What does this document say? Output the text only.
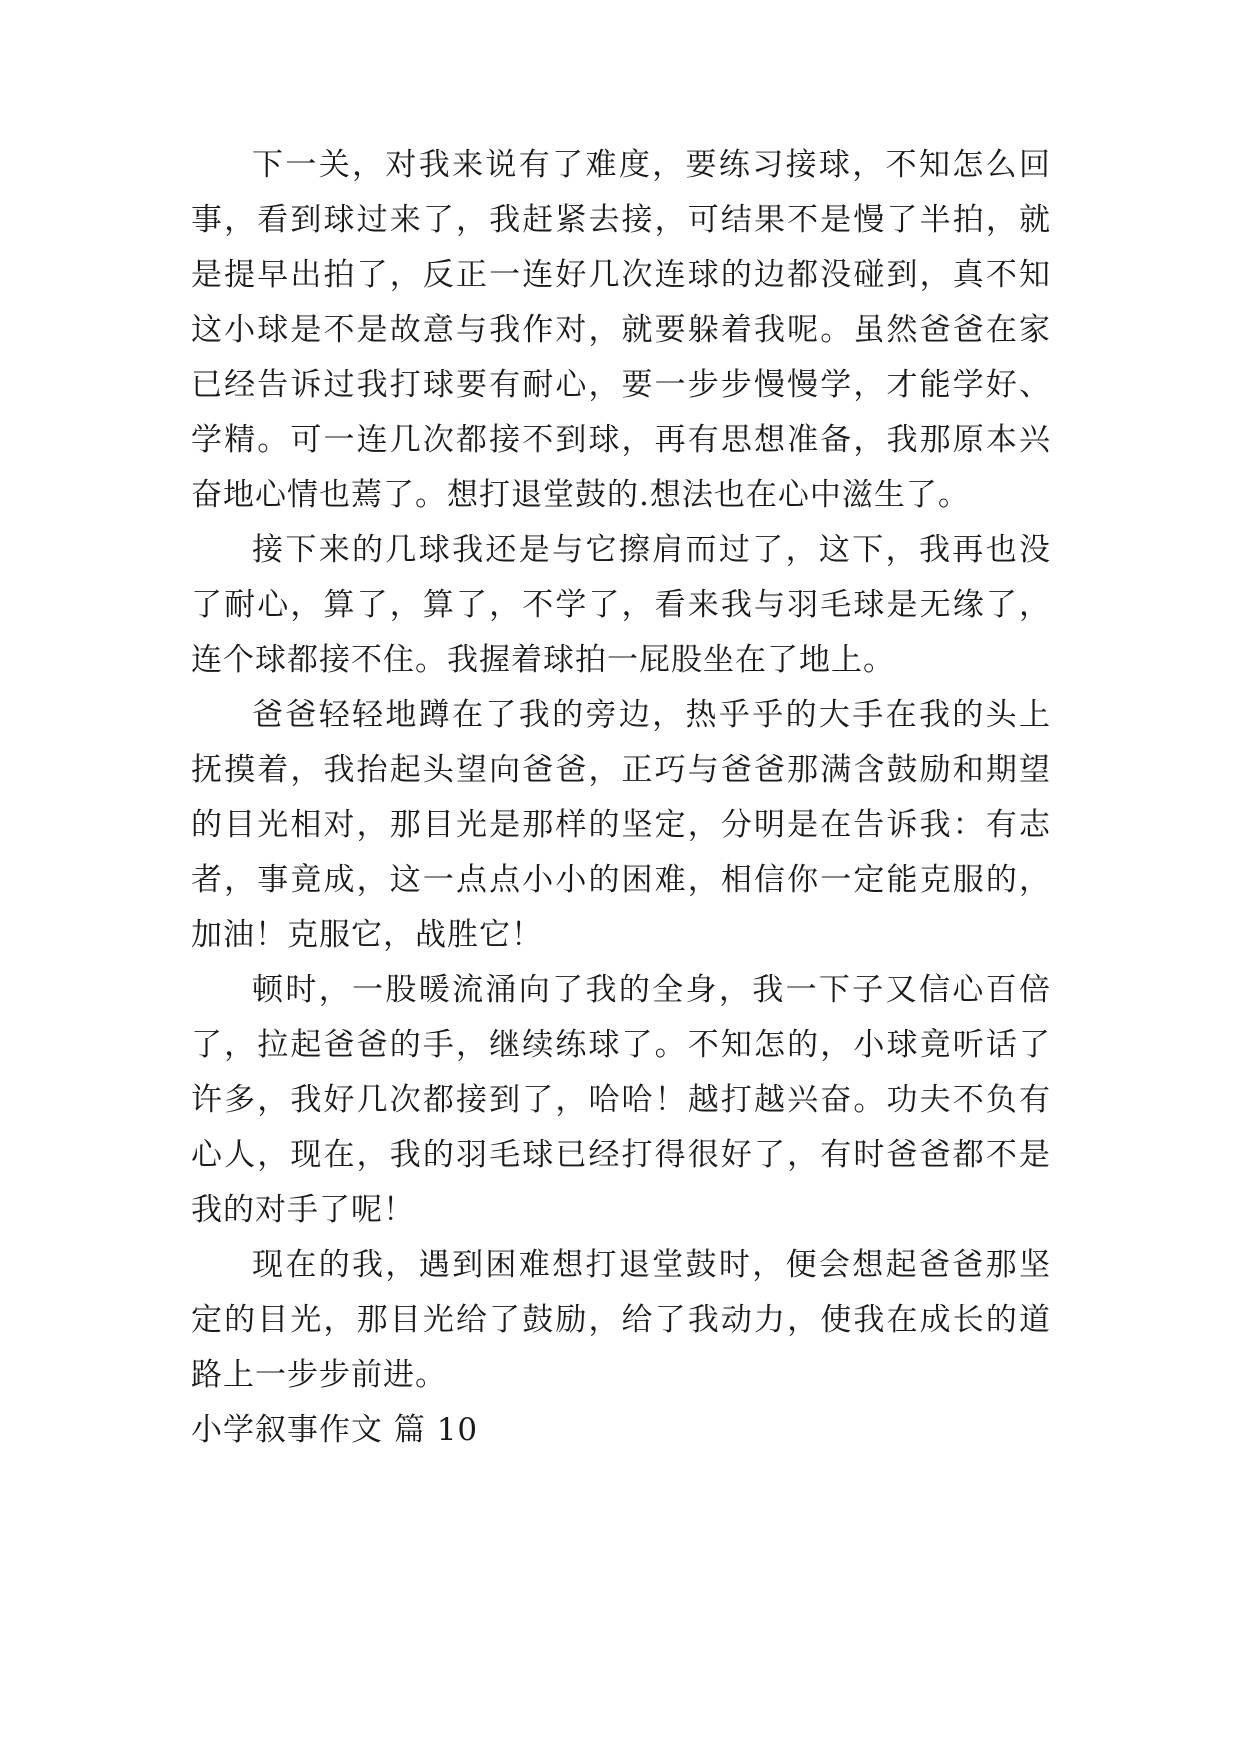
下一关，对我来说有了难度，要练习接球，不知怎么回
事，看到球过来了，我赶紧去接，可结果不是慢了半拍，就
是提早出拍了，反正一连好几次连球的边都没碰到，真不知
这小球是不是故意与我作对，就要躲着我呢。虽然爸爸在家
已经告诉过我打球要有耐心，要一步步慢慢学，才能学好、
学精。可一连几次都接不到球，再有思想准备，我那原本兴
奋地心情也蔫了。想打退堂鼓的.想法也在心中滋生了。
接下来的几球我还是与它擦肩而过了，这下，我再也没
了耐心，算了，算了，不学了，看来我与羽毛球是无缘了，
连个球都接不住。我握着球拍一屁股坐在了地上。
爸爸轻轻地蹲在了我的旁边，热乎乎的大手在我的头上
抚摸着，我抬起头望向爸爸，正巧与爸爸那满含鼓励和期望
的目光相对，那目光是那样的坚定，分明是在告诉我：有志
者，事竟成，这一点点小小的困难，相信你一定能克服的，
加油！克服它，战胜它！
顿时，一股暖流涌向了我的全身，我一下子又信心百倍
了，拉起爸爸的手，继续练球了。不知怎的，小球竟听话了
许多，我好几次都接到了，哈哈！越打越兴奋。功夫不负有
心人，现在，我的羽毛球已经打得很好了，有时爸爸都不是
我的对手了呢！
现在的我，遇到困难想打退堂鼓时，便会想起爸爸那坚
定的目光，那目光给了鼓励，给了我动力，使我在成长的道
路上一步步前进。
小学叙事作文 篇 10
